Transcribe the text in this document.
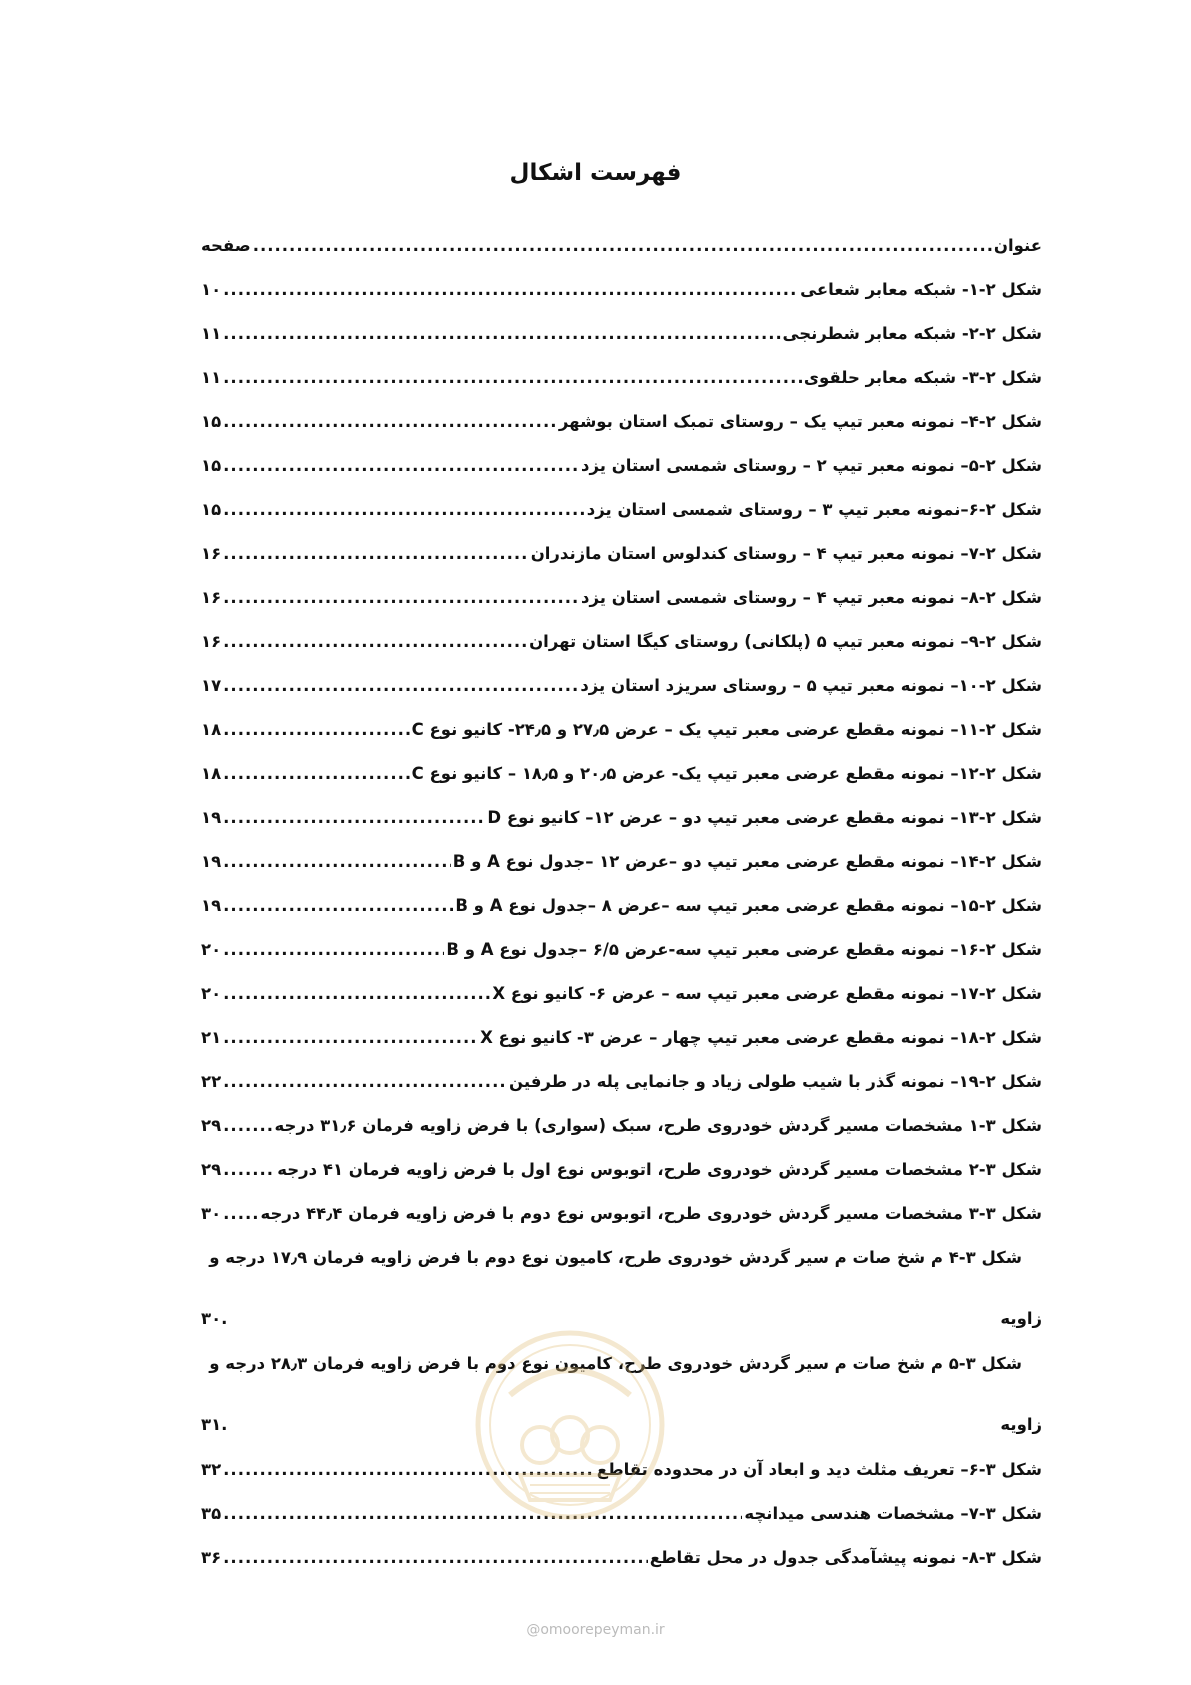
فهرست اشکال
عنوان
.....
صفحه
شکل ۲-۱- شبکه معابر شعاعی
.....
۱۰
شکل ۲-۲- شبکه معابر شطرنجی
.....
۱۱
شکل ۲-۳- شبکه معابر حلقوی
.....
۱۱
شکل ۲-۴– نمونه معبر تیپ یک – روستای تمبک استان بوشهر
.....
۱۵
شکل ۲-۵– نمونه معبر تیپ ۲ – روستای شمسی استان یزد
.....
۱۵
شکل ۲-۶–نمونه معبر تیپ ۳ – روستای شمسی استان یزد
.....
۱۵
شکل ۲-۷– نمونه معبر تیپ ۴ – روستای کندلوس استان مازندران
.....
۱۶
شکل ۲-۸– نمونه معبر تیپ ۴ – روستای شمسی استان یزد
.....
۱۶
شکل ۲-۹– نمونه معبر تیپ ۵ (پلکانی) روستای کیگا استان تهران
.....
۱۶
شکل ۲-۱۰– نمونه معبر تیپ ۵ – روستای سریزد استان یزد
.....
۱۷
شکل ۲-۱۱– نمونه مقطع عرضی معبر تیپ یک – عرض ۲۷٫۵ و ۲۴٫۵- کانیو نوع C
.....
۱۸
شکل ۲-۱۲– نمونه مقطع عرضی معبر تیپ یک- عرض ۲۰٫۵ و ۱۸٫۵ – کانیو نوع C
.....
۱۸
شکل ۲-۱۳– نمونه مقطع عرضی معبر تیپ دو – عرض ۱۲– کانیو نوع D
.....
۱۹
شکل ۲-۱۴– نمونه مقطع عرضی معبر تیپ دو –عرض ۱۲ –جدول نوع A و B
.....
۱۹
شکل ۲-۱۵– نمونه مقطع عرضی معبر تیپ سه –عرض ۸ –جدول نوع A و B
.....
۱۹
شکل ۲-۱۶– نمونه مقطع عرضی معبر تیپ سه-عرض ۶/۵ –جدول نوع A و B
.....
۲۰
شکل ۲-۱۷– نمونه مقطع عرضی معبر تیپ سه – عرض ۶- کانیو نوع X
.....
۲۰
شکل ۲-۱۸– نمونه مقطع عرضی معبر تیپ چهار – عرض ۳- کانیو نوع X
.....
۲۱
شکل ۲-۱۹– نمونه گذر با شیب طولی زیاد و جانمایی پله در طرفین
.....
۲۲
شکل ۳-۱ مشخصات مسیر گردش خودروی طرح، سبک (سواری) با فرض زاویه فرمان ۳۱٫۶ درجه
.....
۲۹
شکل ۳-۲ مشخصات مسیر گردش خودروی طرح، اتوبوس نوع اول با فرض زاویه فرمان ۴۱ درجه
.....
۲۹
شکل ۳-۳ مشخصات مسیر گردش خودروی طرح، اتوبوس نوع دوم با فرض زاویه فرمان ۴۴٫۴ درجه
.....
۳۰
شکل ۳-۴ م شخ صات م سیر گردش خودروی طرح، کامیون نوع دوم با فرض زاویه فرمان ۱۷٫۹ درجه و
زاویه
۳۰ .
شکل ۳-۵ م شخ صات م سیر گردش خودروی طرح، کامیون نوع دوم با فرض زاویه فرمان ۲۸٫۳ درجه و
زاویه
۳۱ .
شکل ۳-۶– تعریف مثلث دید و ابعاد آن در محدوده تقاطع
.....
۳۲
شکل ۳-۷– مشخصات هندسی میدانچه
.....
۳۵
شکل ۳-۸- نمونه پیشآمدگی جدول در محل تقاطع
.....
۳۶
@omoorepeyman.ir
